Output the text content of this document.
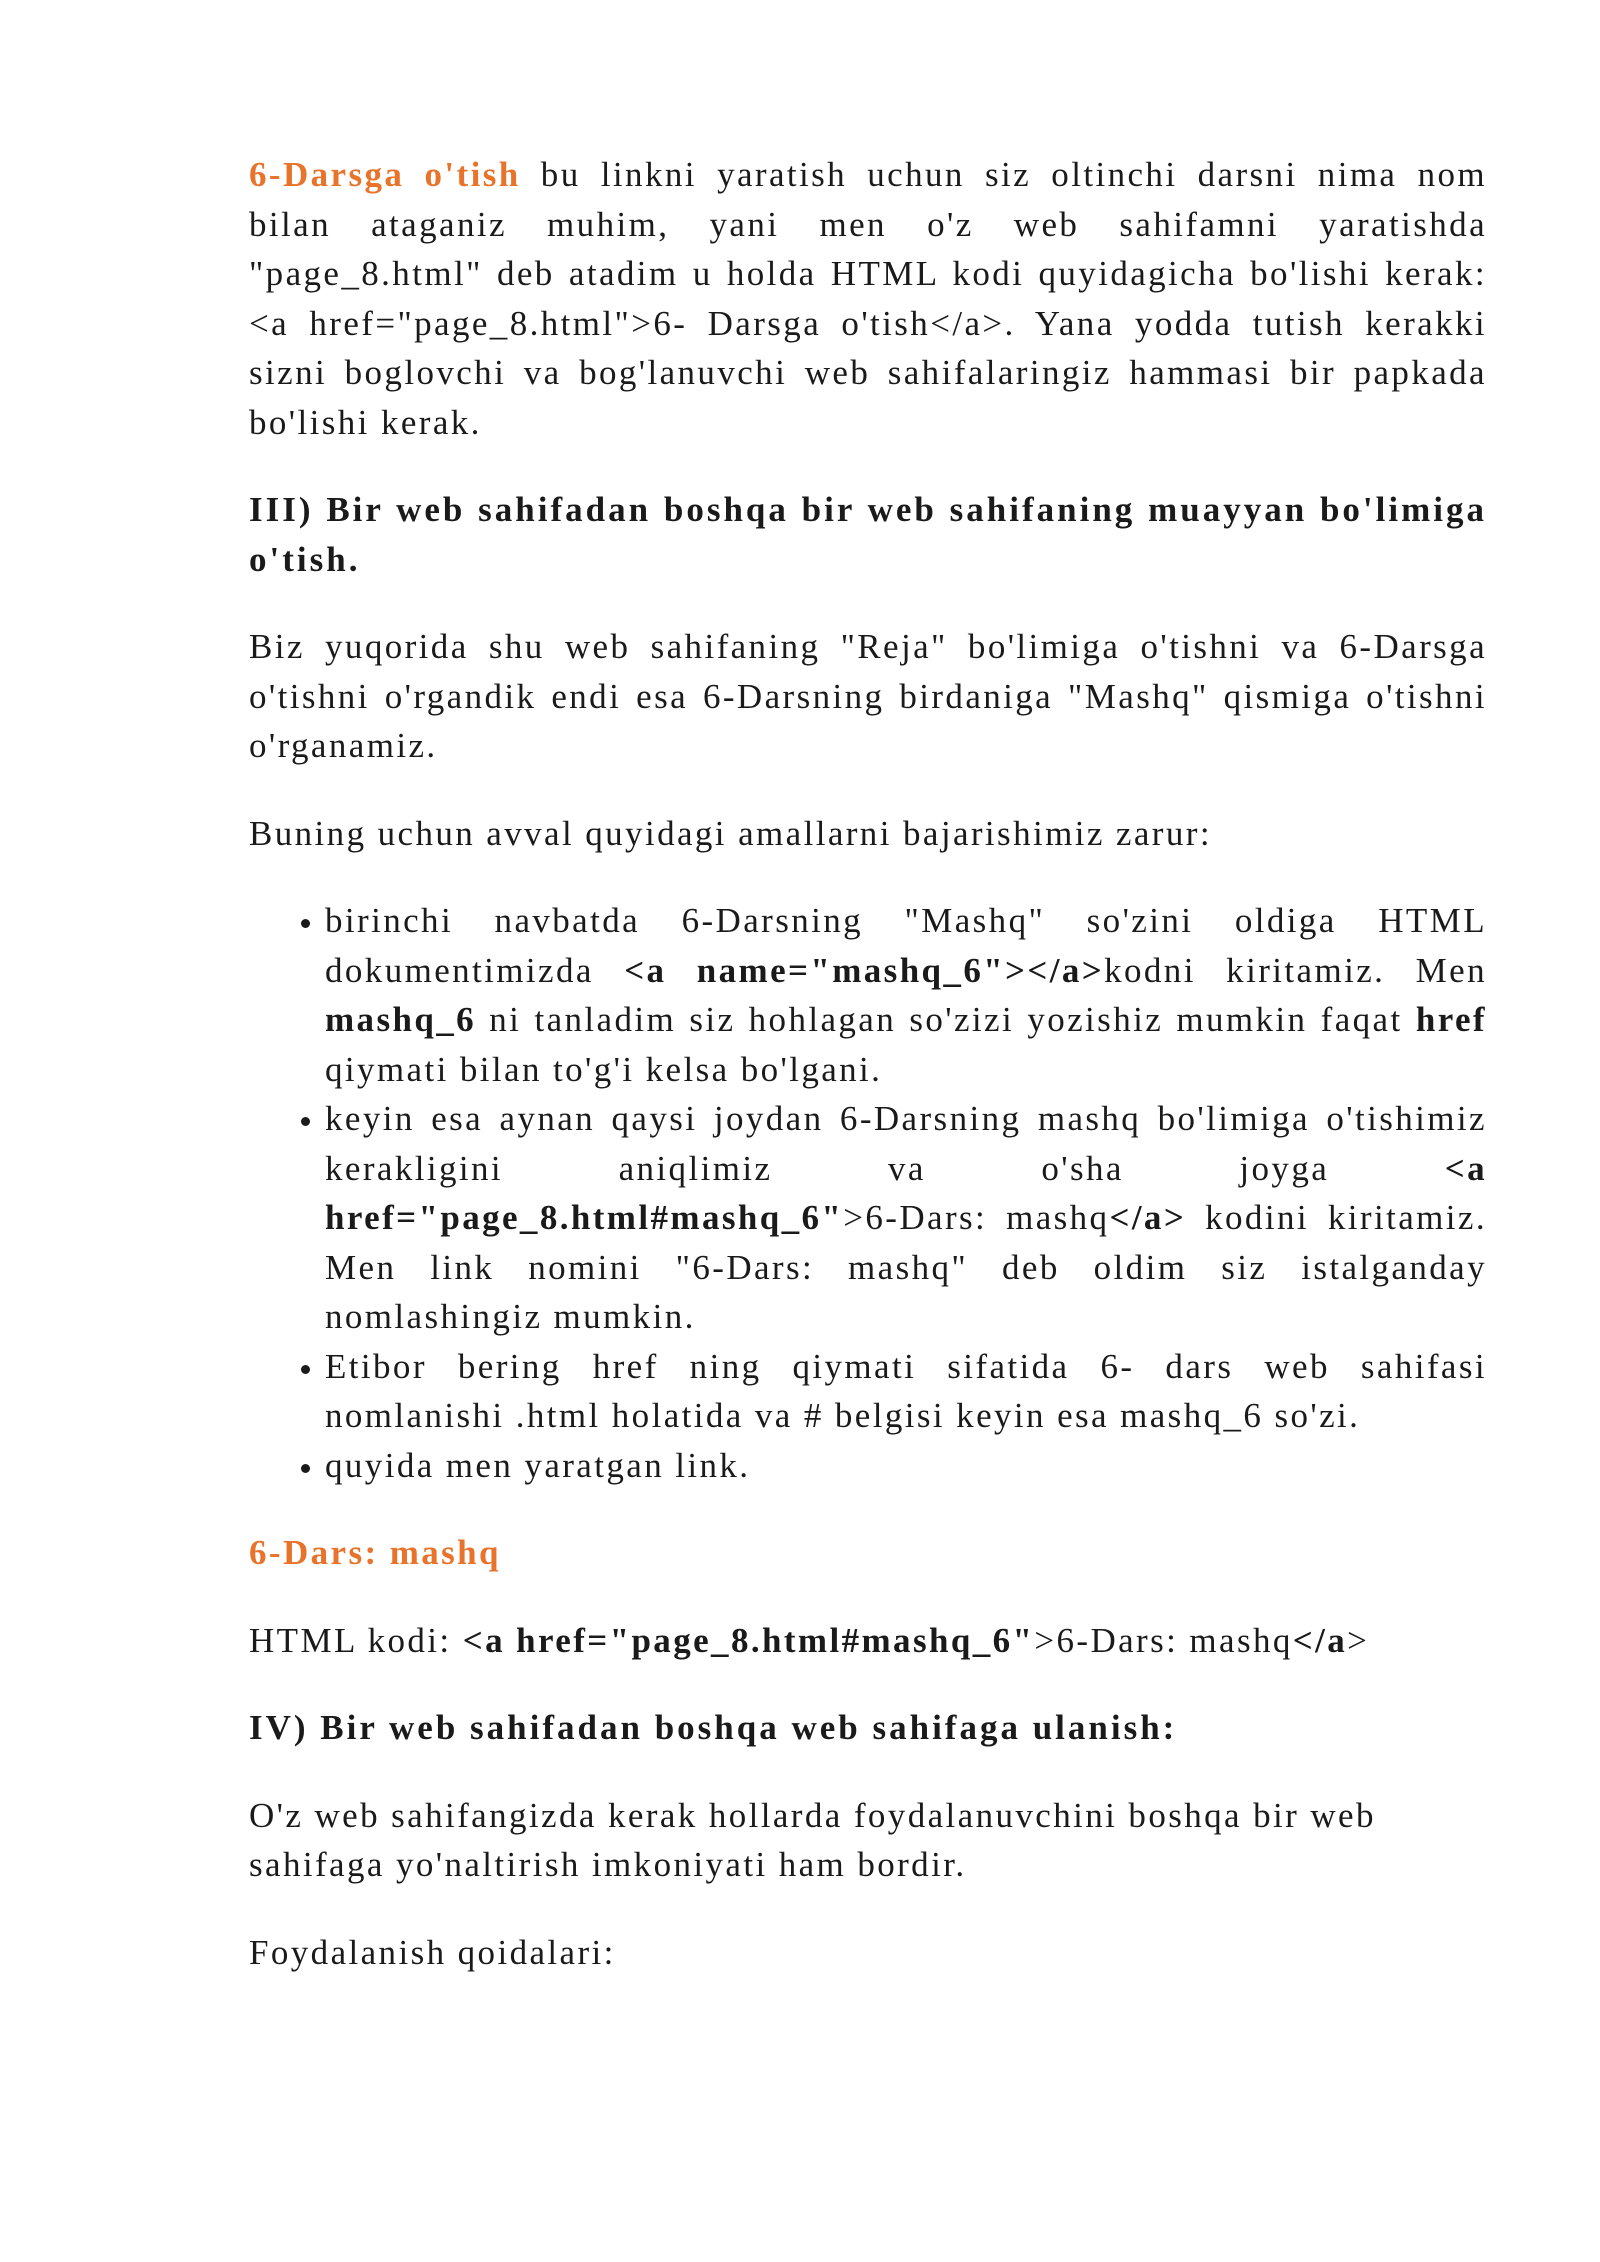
6-Darsga o'tish bu linkni yaratish uchun siz oltinchi darsni nima nom bilan ataganiz muhim, yani men o'z web sahifamni yaratishda "page_8.html" deb atadim u holda HTML kodi quyidagicha bo'lishi kerak: <a href="page_8.html">6- Darsga o'tish</a>. Yana yodda tutish kerakki sizni boglovchi va bog'lanuvchi web sahifalaringiz hammasi bir papkada bo'lishi kerak.

III) Bir web sahifadan boshqa bir web sahifaning muayyan bo'limiga o'tish.

Biz yuqorida shu web sahifaning "Reja" bo'limiga o'tishni va 6-Darsga o'tishni o'rgandik endi esa 6-Darsning birdaniga "Mashq" qismiga o'tishni o'rganamiz.

Buning uchun avval quyidagi amallarni bajarishimiz zarur:

• birinchi navbatda 6-Darsning "Mashq" so'zini oldiga HTML dokumentimizda <a name="mashq_6"></a>kodni kiritamiz. Men mashq_6 ni tanladim siz hohlagan so'zizi yozishiz mumkin faqat href qiymati bilan to'g'i kelsa bo'lgani.
• keyin esa aynan qaysi joydan 6-Darsning mashq bo'limiga o'tishimiz kerakligini aniqlimiz va o'sha joyga <a href="page_8.html#mashq_6">6-Dars: mashq</a> kodini kiritamiz. Men link nomini "6-Dars: mashq" deb oldim siz istalganday nomlashingiz mumkin.
• Etibor bering href ning qiymati sifatida 6- dars web sahifasi nomlanishi .html holatida va # belgisi keyin esa mashq_6 so'zi.
• quyida men yaratgan link.

6-Dars: mashq

HTML kodi: <a href="page_8.html#mashq_6">6-Dars: mashq</a>

IV) Bir web sahifadan boshqa web sahifaga ulanish:

O'z web sahifangizda kerak hollarda foydalanuvchini boshqa bir web sahifaga yo'naltirish imkoniyati ham bordir.

Foydalanish qoidalari:
